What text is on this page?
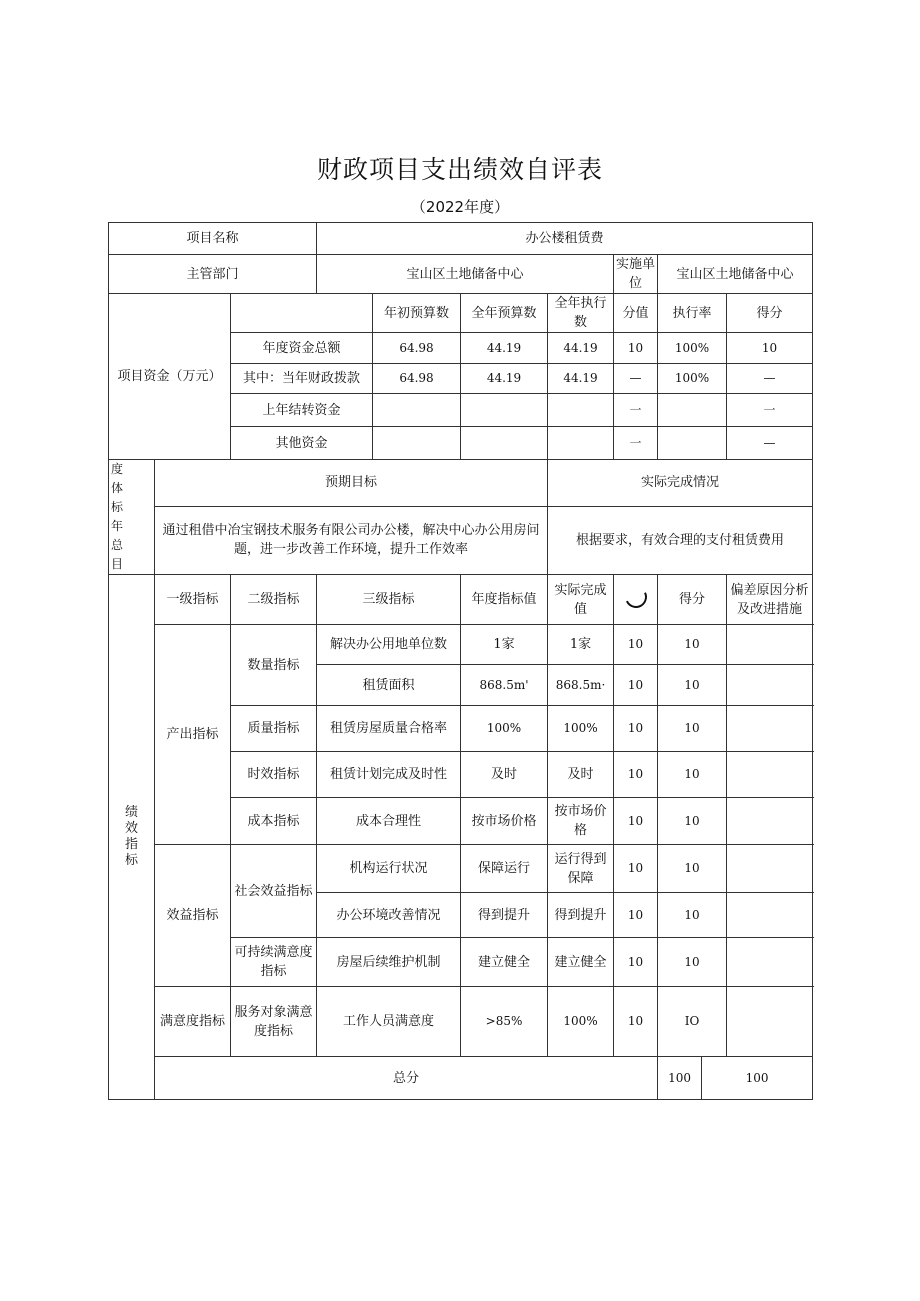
财政项目支出绩效自评表
（2022年度）
项目名称			办公楼租赁费								
主管部门			宝山区土地储备中心				实施单位	宝山区土地储备中心			
项目资金（万元）				年初预算数	全年预算数	全年执行数	分值	执行率		得分	
		年度资金总额		64.98	44.19	44.19	10	100%		10	
		其中：当年财政拨款		64.98	44.19	44.19	—	100%		—	
		上年结转资金					一			一	
		其他资金					一			—	

度体标年总目	预期目标					实际完成情况					
	通过租借中冶宝钢技术服务有限公司办公楼，解决中心办公用房问题，进一步改善工作环境，提升工作效率					根据要求，有效合理的支付租赁费用					

绩效指标	一级指标	二级指标	三级指标		年度指标值	实际完成值		得分		偏差原因分析及改进措施	
	产出指标	数量指标	解决办公用地单位数		1家	1家	10	10			
			租赁面积		868.5m'	868.5m·	10	10			
		质量指标	租赁房屋质量合格率		100%	100%	10	10			
		时效指标	租赁计划完成及时性		及时	及时	10	10			
		成本指标	成本合理性		按市场价格	按市场价格	10	10			
	效益指标	社会效益指标	机构运行状况		保障运行	运行得到保障	10	10			
			办公环境改善情况		得到提升	得到提升	10	10			
		可持续满意度指标	房屋后续维护机制		建立健全	建立健全	10	10			
	满意度指标	服务对象满意度指标	工作人员满意度		>85%	100%	10	IO			
	总分							100	100		
